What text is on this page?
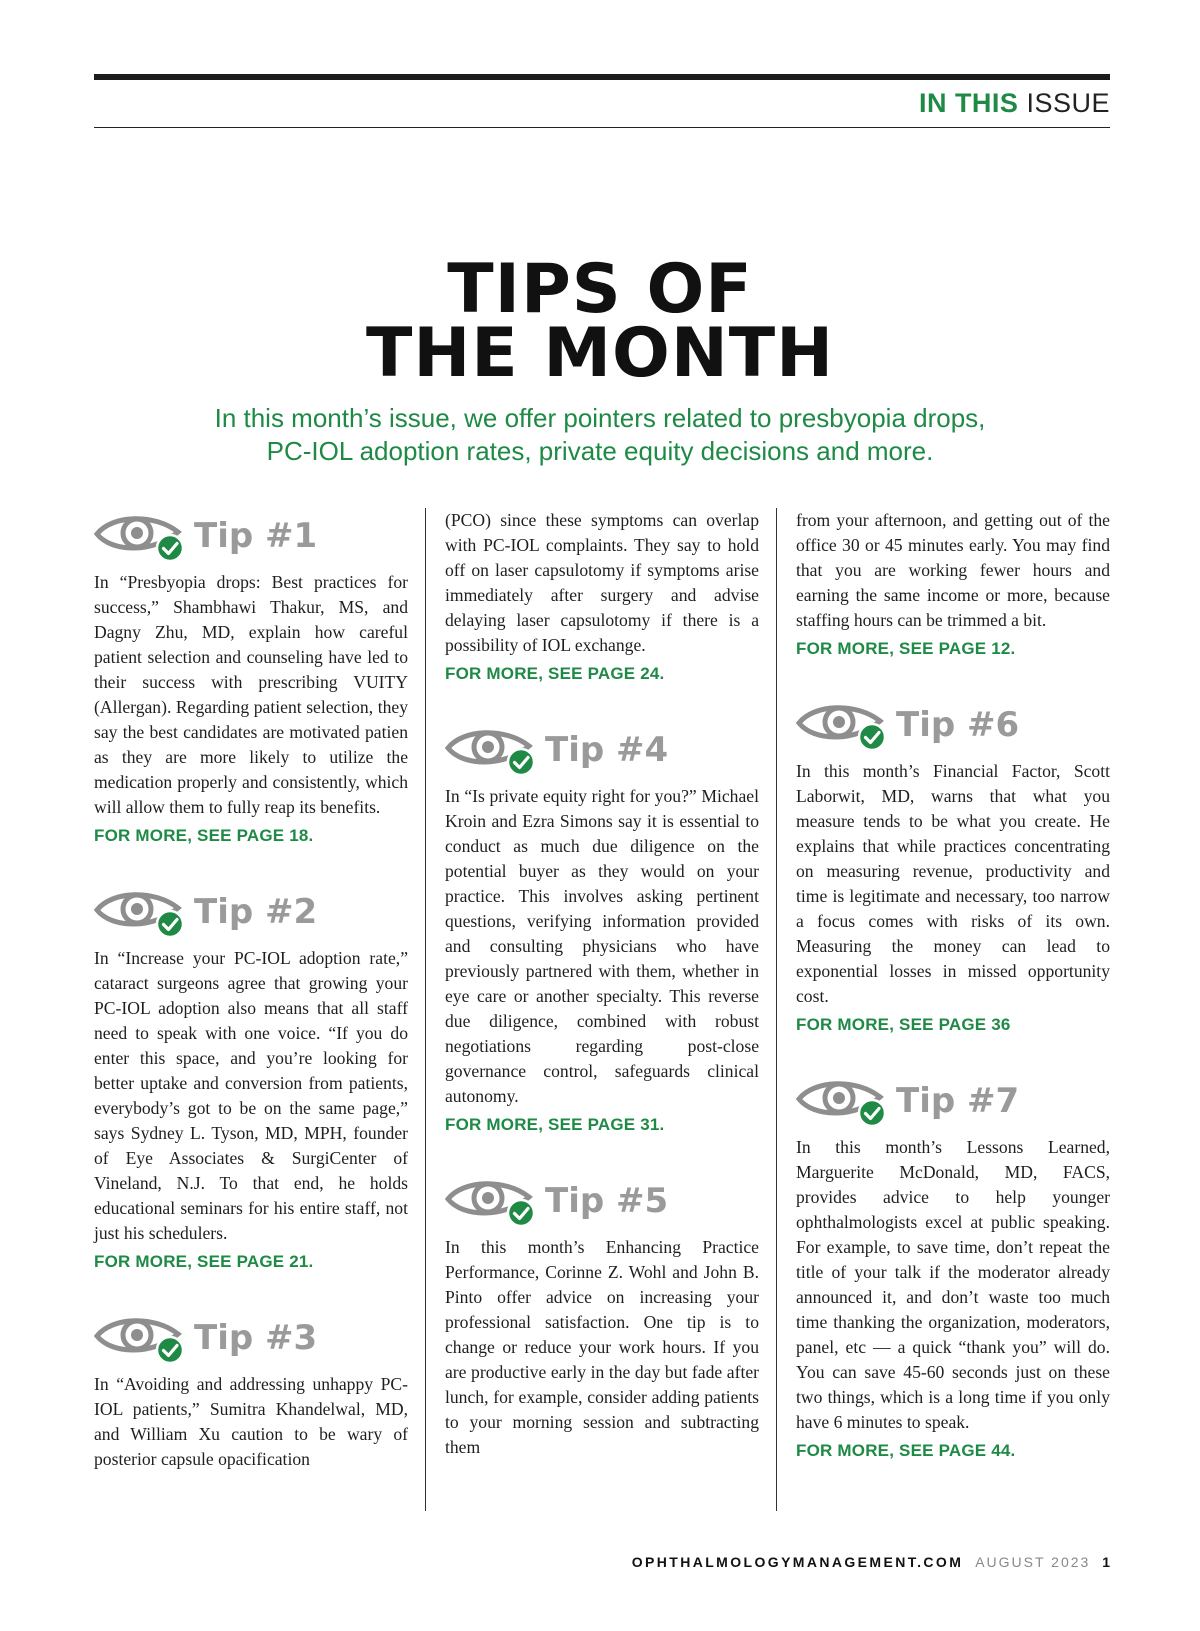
IN THIS ISSUE
TIPS OF
THE MONTH
In this month’s issue, we offer pointers related to presbyopia drops,
PC-IOL adoption rates, private equity decisions and more.
Tip #1

In “Presbyopia drops: Best practices for success,” Shambhawi Thakur, MS, and Dagny Zhu, MD, explain how careful patient selection and counseling have led to their success with prescribing VUITY (Allergan). Regarding patient selection, they say the best candidates are motivated patien as they are more likely to utilize the medication properly and consistently, which will allow them to fully reap its benefits.

FOR MORE, SEE PAGE 18.

Tip #2

In “Increase your PC-IOL adoption rate,” cataract surgeons agree that growing your PC-IOL adoption also means that all staff need to speak with one voice. “If you do enter this space, and you’re looking for better uptake and conversion from patients, everybody’s got to be on the same page,” says Sydney L. Tyson, MD, MPH, founder of Eye Associates & SurgiCenter of Vineland, N.J. To that end, he holds educational seminars for his entire staff, not just his schedulers.

FOR MORE, SEE PAGE 21.

Tip #3

In “Avoiding and addressing unhappy PC-IOL patients,” Sumitra Khandelwal, MD, and William Xu caution to be wary of posterior capsule opacification

(PCO) since these symptoms can overlap with PC-IOL complaints. They say to hold off on laser capsulotomy if symptoms arise immediately after surgery and advise delaying laser capsulotomy if there is a possibility of IOL exchange.

FOR MORE, SEE PAGE 24.

Tip #4

In “Is private equity right for you?” Michael Kroin and Ezra Simons say it is essential to conduct as much due diligence on the potential buyer as they would on your practice. This involves asking pertinent questions, verifying information provided and consulting physicians who have previously partnered with them, whether in eye care or another specialty. This reverse due diligence, combined with robust negotiations regarding post-close governance control, safeguards clinical autonomy.

FOR MORE, SEE PAGE 31.

Tip #5

In this month’s Enhancing Practice Performance, Corinne Z. Wohl and John B. Pinto offer advice on increasing your professional satisfaction. One tip is to change or reduce your work hours. If you are productive early in the day but fade after lunch, for example, consider adding patients to your morning session and subtracting them

from your afternoon, and getting out of the office 30 or 45 minutes early. You may find that you are working fewer hours and earning the same income or more, because staffing hours can be trimmed a bit.

FOR MORE, SEE PAGE 12.

Tip #6

In this month’s Financial Factor, Scott Laborwit, MD, warns that what you measure tends to be what you create. He explains that while practices concentrating on measuring revenue, productivity and time is legitimate and necessary, too narrow a focus comes with risks of its own. Measuring the money can lead to exponential losses in missed opportunity cost.

FOR MORE, SEE PAGE 36

Tip #7

In this month’s Lessons Learned, Marguerite McDonald, MD, FACS, provides advice to help younger ophthalmologists excel at public speaking. For example, to save time, don’t repeat the title of your talk if the moderator already announced it, and don’t waste too much time thanking the organization, moderators, panel, etc — a quick “thank you” will do. You can save 45-60 seconds just on these two things, which is a long time if you only have 6 minutes to speak.

FOR MORE, SEE PAGE 44.

OPHTHALMOLOGYMANAGEMENT.COM AUGUST 2023 1
